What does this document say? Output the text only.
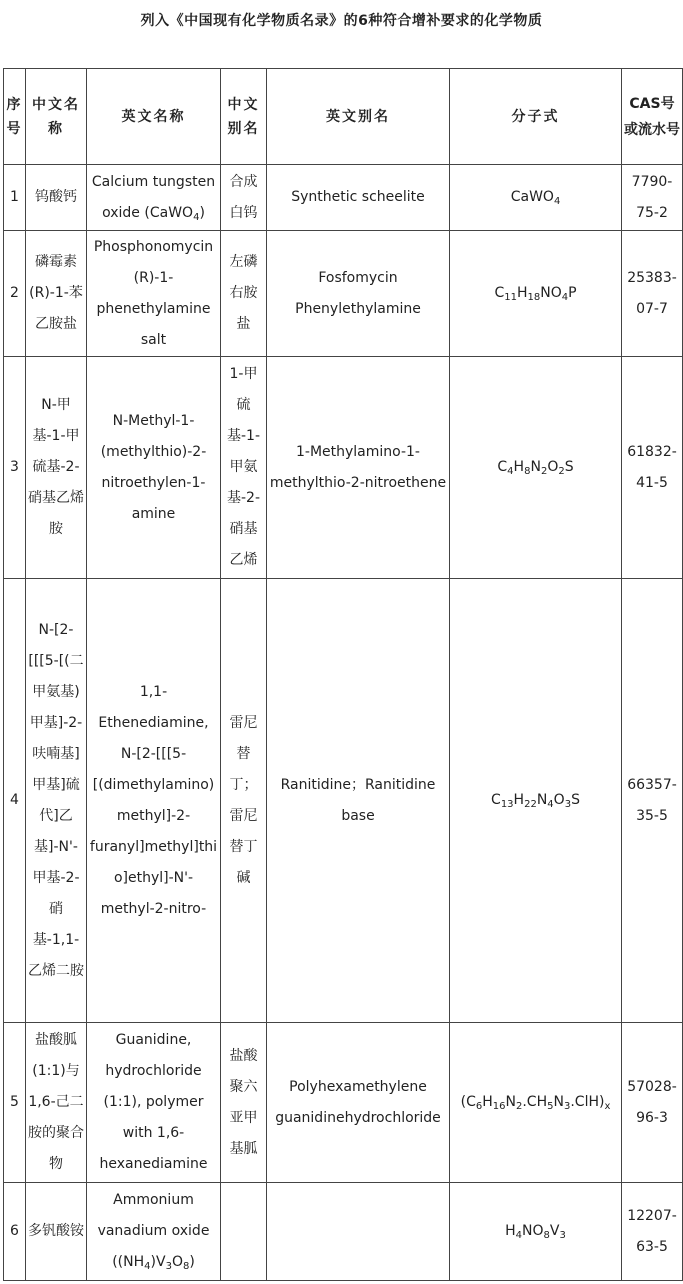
列入《中国现有化学物质名录》的6种符合增补要求的化学物质
序号	中文名称	英文名称	中文别名	英文别名	分子式	CAS号或流水号
1	钨酸钙	Calcium tungsten oxide (CaWO$_4$)	合成白钨	Synthetic scheelite	CaWO$_4$	7790-75-2
2	磷霉素(R)-1-苯乙胺盐	Phosphonomycin (R)-1-phenethylamine salt	左磷右胺盐	Fosfomycin Phenylethylamine	$C_{11}H_{18}NO_4P$	25383-07-7
3	N-甲基-1-甲硫基-2-硝基乙烯胺	N-Methyl-1-(methylthio)-2-nitroethylen-1-amine	1-甲硫基-1-甲氨基-2-硝基乙烯	1-Methylamino-1-methylthio-2-nitroethene	$C_4H_8N_2O_2S$	61832-41-5
4	N-[2-[[[5-[(二甲氨基)甲基]-2-呋喃基]甲基]硫代]乙基]-N'-甲基-2-硝基-1,1-乙烯二胺	1,1-Ethenediamine, N-[2-[[[5-[(dimethylamino)methyl]-2-furanyl]methyl]thio]ethyl]-N'-methyl-2-nitro-	雷尼替丁；雷尼替丁碱	Ranitidine；Ranitidine base	$C_{13}H_{22}N_4O_3S$	66357-35-5
5	盐酸胍(1:1)与1,6-己二胺的聚合物	Guanidine, hydrochloride (1:1), polymer with 1,6-hexanediamine	盐酸聚六亚甲基胍	Polyhexamethylene guanidinehydrochloride	$(C_6H_{16}N_2.CH_5N_3.ClH)_x$	57028-96-3
6	多钒酸铵	Ammonium vanadium oxide $((NH_4)V_3O_8)$			$H_4NO_8V_3$	12207-63-5
